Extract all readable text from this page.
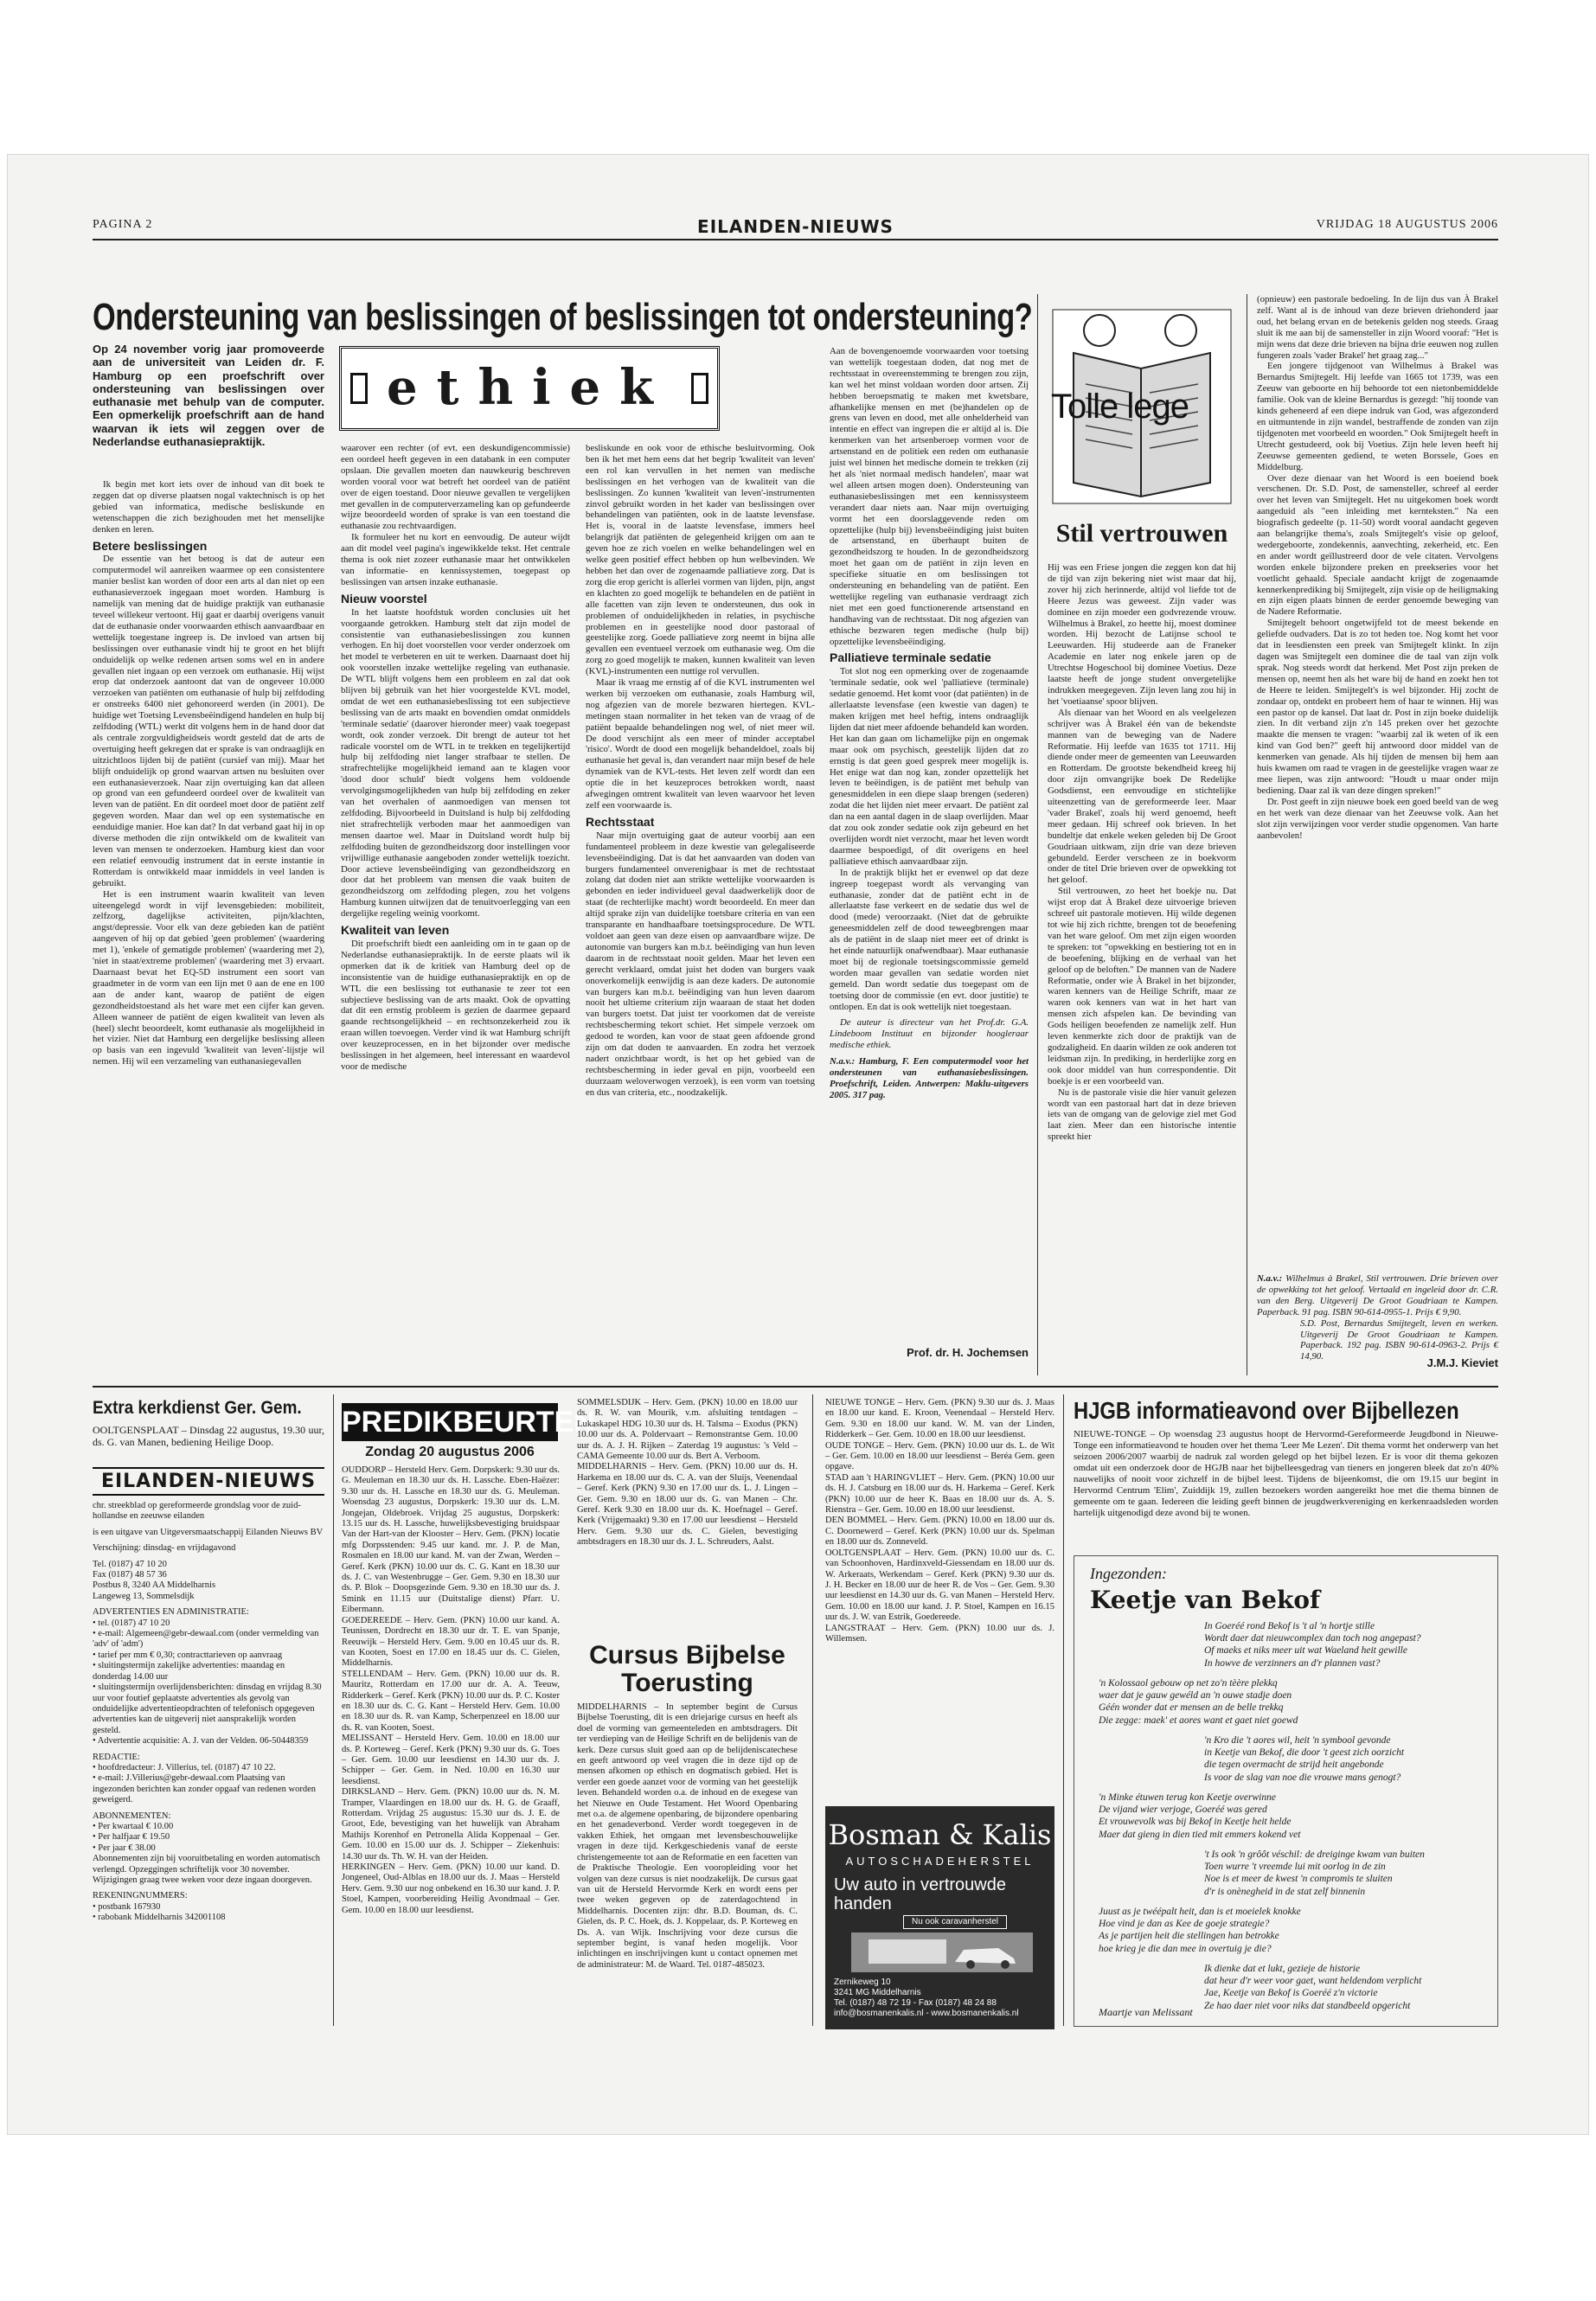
PAGINA 2	EILANDEN-NIEUWS	VRIJDAG 18 AUGUSTUS 2006
Ondersteuning van beslissingen of beslissingen tot ondersteuning?
Op 24 november vorig jaar promoveerde aan de universiteit van Leiden dr. F. Hamburg op een proefschrift over ondersteuning van beslissingen over euthanasie met behulp van de computer. Een opmerkelijk proefschrift aan de hand waarvan ik iets wil zeggen over de Nederlandse euthanasiepraktijk.
ethiek

Ik begin met kort iets over de inhoud van dit boek te zeggen dat op diverse plaatsen nogal vaktechnisch is op het gebied van informatica, medische besliskunde en wetenschappen die zich bezighouden met het menselijke denken en leren.

Betere beslissingen

De essentie van het betoog is dat de auteur een computermodel wil aanreiken waarmee op een consistentere manier beslist kan worden of door een arts al dan niet op een euthanasieverzoek ingegaan moet worden. Hamburg is namelijk van mening dat de huidige praktijk van euthanasie teveel willekeur vertoont. Hij gaat er daarbij overigens vanuit dat de euthanasie onder voorwaarden ethisch aanvaardbaar en wettelijk toegestane ingreep is. De invloed van artsen bij beslissingen over euthanasie vindt hij te groot en het blijft onduidelijk op welke redenen artsen soms wel en in andere gevallen niet ingaan op een verzoek om euthanasie. Hij wijst erop dat onderzoek aantoont dat van de ongeveer 10.000 verzoeken van patiënten om euthanasie of hulp bij zelfdoding er onstreeks 6400 niet gehonoreerd werden (in 2001). De huidige wet Toetsing Levensbeëindigend handelen en hulp bij zelfdoding (WTL) werkt dit volgens hem in de hand door dat als centrale zorgvuldigheidseis wordt gesteld dat de arts de overtuiging heeft gekregen dat er sprake is van ondraaglijk en uitzichtloos lijden bij de patiënt (cursief van mij). Maar het blijft onduidelijk op grond waarvan artsen nu besluiten over een euthanasieverzoek. Naar zijn overtuiging kan dat alleen op grond van een gefundeerd oordeel over de kwaliteit van leven van de patiënt. En dit oordeel moet door de patiënt zelf gegeven worden. Maar dan wel op een systematische en eenduidige manier. Hoe kan dat? In dat verband gaat hij in op diverse methoden die zijn ontwikkeld om de kwaliteit van leven van mensen te onderzoeken. Hamburg kiest dan voor een relatief eenvoudig instrument dat in eerste instantie in Rotterdam is ontwikkeld maar inmiddels in veel landen is gebruikt.

Het is een instrument waarin kwaliteit van leven uiteengelegd wordt in vijf levensgebieden: mobiliteit, zelfzorg, dagelijkse activiteiten, pijn/klachten, angst/depressie. Voor elk van deze gebieden kan de patiënt aangeven of hij op dat gebied 'geen problemen' (waardering met 1), 'enkele of gematigde problemen' (waardering met 2), 'niet in staat/extreme problemen' (waardering met 3) ervaart. Daarnaast bevat het EQ-5D instrument een soort van graadmeter in de vorm van een lijn met 0 aan de ene en 100 aan de ander kant, waarop de patiënt de eigen gezondheidstoestand als het ware met een cijfer kan geven. Alleen wanneer de patiënt de eigen kwaliteit van leven als (heel) slecht beoordeelt, komt euthanasie als mogelijkheid in het vizier. Niet dat Hamburg een dergelijke beslissing alleen op basis van een ingevuld 'kwaliteit van leven'-lijstje wil nemen. Hij wil een verzameling van euthanasiegevallen

waarover een rechter (of evt. een deskundigencommissie) een oordeel heeft gegeven in een databank in een computer opslaan. Die gevallen moeten dan nauwkeurig beschreven worden vooral voor wat betreft het oordeel van de patiënt over de eigen toestand. Door nieuwe gevallen te vergelijken met gevallen in de computerverzameling kan op gefundeerde wijze beoordeeld worden of sprake is van een toestand die euthanasie zou rechtvaardigen.

Ik formuleer het nu kort en eenvoudig. De auteur wijdt aan dit model veel pagina's ingewikkelde tekst. Het centrale thema is ook niet zozeer euthanasie maar het ontwikkelen van informatie- en kennissystemen, toegepast op beslissingen van artsen inzake euthanasie.

Nieuw voorstel

In het laatste hoofdstuk worden conclusies uit het voorgaande getrokken. Hamburg stelt dat zijn model de consistentie van euthanasiebeslissingen zou kunnen verhogen. En hij doet voorstellen voor verder onderzoek om het model te verbeteren en uit te werken. Daarnaast doet hij ook voorstellen inzake wettelijke regeling van euthanasie. De WTL blijft volgens hem een probleem en zal dat ook blijven bij gebruik van het hier voorgestelde KVL model, omdat de wet een euthanasiebeslissing tot een subjectieve beslissing van de arts maakt en bovendien omdat onmiddels 'terminale sedatie' (daarover hieronder meer) vaak toegepast wordt, ook zonder verzoek. Dit brengt de auteur tot het radicale voorstel om de WTL in te trekken en tegelijkertijd hulp bij zelfdoding niet langer strafbaar te stellen. De strafrechtelijke mogelijkheid iemand aan te klagen voor 'dood door schuld' biedt volgens hem voldoende vervolgingsmogelijkheden van hulp bij zelfdoding en zeker van het overhalen of aanmoedigen van mensen tot zelfdoding. Bijvoorbeeld in Duitsland is hulp bij zelfdoding niet strafrechtelijk verboden maar het aanmoedigen van mensen daartoe wel. Maar in Duitsland wordt hulp bij zelfdoding buiten de gezondheidszorg door instellingen voor vrijwillige euthanasie aangeboden zonder wettelijk toezicht. Door actieve levensbeëindiging van gezondheidszorg en door dat het probleem van mensen die vaak buiten de gezondheidszorg om zelfdoding plegen, zou het volgens Hamburg kunnen uitwijzen dat de tenuitvoerlegging van een dergelijke regeling weinig voorkomt.

Kwaliteit van leven

Dit proefschrift biedt een aanleiding om in te gaan op de Nederlandse euthanasiepraktijk. In de eerste plaats wil ik opmerken dat ik de kritiek van Hamburg deel op de inconsistentie van de huidige euthanasiepraktijk en op de WTL die een beslissing tot euthanasie te zeer tot een subjectieve beslissing van de arts maakt. Ook de opvatting dat dit een ernstig probleem is gezien de daarmee gepaard gaande rechtsongelijkheid – en rechtsonzekerheid zou ik eraan willen toevoegen. Verder vind ik wat Hamburg schrijft over keuzeprocessen, en in het bijzonder over medische beslissingen in het algemeen, heel interessant en waardevol voor de medische

besliskunde en ook voor de ethische besluitvorming. Ook ben ik het met hem eens dat het begrip 'kwaliteit van leven' een rol kan vervullen in het nemen van medische beslissingen en het verhogen van de kwaliteit van die beslissingen. Zo kunnen 'kwaliteit van leven'-instrumenten zinvol gebruikt worden in het kader van beslissingen over behandelingen van patiënten, ook in de laatste levensfase. Het is, vooral in de laatste levensfase, immers heel belangrijk dat patiënten de gelegenheid krijgen om aan te geven hoe ze zich voelen en welke behandelingen wel en welke geen positief effect hebben op hun welbevinden. We hebben het dan over de zogenaamde palliatieve zorg. Dat is zorg die erop gericht is allerlei vormen van lijden, pijn, angst en klachten zo goed mogelijk te behandelen en de patiënt in alle facetten van zijn leven te ondersteunen, dus ook in problemen of onduidelijkheden in relaties, in psychische problemen en in geestelijke nood door pastoraal of geestelijke zorg. Goede palliatieve zorg neemt in bijna alle gevallen een eventueel verzoek om euthanasie weg. Om die zorg zo goed mogelijk te maken, kunnen kwaliteit van leven (KVL)-instrumenten een nuttige rol vervullen.

Maar ik vraag me ernstig af of die KVL instrumenten wel werken bij verzoeken om euthanasie, zoals Hamburg wil, nog afgezien van de morele bezwaren hiertegen. KVL-metingen staan normaliter in het teken van de vraag of de patiënt bepaalde behandelingen nog wel, of niet meer wil. De dood verschijnt als een meer of minder acceptabel 'risico'. Wordt de dood een mogelijk behandeldoel, zoals bij euthanasie het geval is, dan verandert naar mijn besef de hele dynamiek van de KVL-tests. Het leven zelf wordt dan een optie die in het keuzeproces betrokken wordt, naast afwegingen omtrent kwaliteit van leven waarvoor het leven zelf een voorwaarde is.

Rechtsstaat

Naar mijn overtuiging gaat de auteur voorbij aan een fundamenteel probleem in deze kwestie van gelegaliseerde levensbeëindiging. Dat is dat het aanvaarden van doden van burgers fundamenteel onverenigbaar is met de rechtsstaat zolang dat doden niet aan strikte wettelijke voorwaarden is gebonden en ieder individueel geval daadwerkelijk door de staat (de rechterlijke macht) wordt beoordeeld. En meer dan altijd sprake zijn van duidelijke toetsbare criteria en van een transparante en handhaafbare toetsingsprocedure. De WTL voldoet aan geen van deze eisen op aanvaardbare wijze. De autonomie van burgers kan m.b.t. beëindiging van hun leven daarom in de rechtsstaat nooit gelden. Maar het leven een gerecht verklaard, omdat juist het doden van burgers vaak onoverkomelijk eenwijdig is aan deze kaders. De autonomie van burgers kan m.b.t. beëindiging van hun leven daarom nooit het ultieme criterium zijn waaraan de staat het doden van burgers toetst. Dat juist ter voorkomen dat de vereiste rechtsbescherming tekort schiet. Het simpele verzoek om gedood te worden, kan voor de staat geen afdoende grond zijn om dat doden te aanvaarden. En zodra het verzoek nadert onzichtbaar wordt, is het op het gebied van de rechtsbescherming in ieder geval en pijn, voorbeeld een duurzaam weloverwogen verzoek), is een vorm van toetsing en dus van criteria, etc., noodzakelijk.

Aan de bovengenoemde voorwaarden voor toetsing van wettelijk toegestaan doden, dat nog met de rechtsstaat in overeenstemming te brengen zou zijn, kan wel het minst voldaan worden door artsen. Zij hebben beroepsmatig te maken met kwetsbare, afhankelijke mensen en met (be)handelen op de grens van leven en dood, met alle onhelderheid van intentie en effect van ingrepen die er altijd al is. Die kenmerken van het artsenberoep vormen voor de artsenstand en de politiek een reden om euthanasie juist wel binnen het medische domein te trekken (zij het als 'niet normaal medisch handelen', maar wat wel alleen artsen mogen doen). Ondersteuning van euthanasiebeslissingen met een kennissysteem verandert daar niets aan. Naar mijn overtuiging vormt het een doorslaggevende reden om opzettelijke (hulp bij) levensbeëindiging juist buiten de artsenstand, en überhaupt buiten de gezondheidszorg te houden. In de gezondheidszorg moet het gaan om de patiënt in zijn leven en specifieke situatie en om beslissingen tot ondersteuning en behandeling van de patiënt. Een wettelijke regeling van euthanasie verdraagt zich niet met een goed functionerende artsenstand en handhaving van de rechtsstaat. Dit nog afgezien van ethische bezwaren tegen medische (hulp bij) opzettelijke levensbeëindiging.

Palliatieve terminale sedatie

Tot slot nog een opmerking over de zogenaamde 'terminale sedatie, ook wel 'palliatieve (terminale) sedatie genoemd. Het komt voor (dat patiënten) in de allerlaatste levensfase (een kwestie van dagen) te maken krijgen met heel heftig, intens ondraaglijk lijden dat niet meer afdoende behandeld kan worden. Het kan dan gaan om lichamelijke pijn en ongemak maar ook om psychisch, geestelijk lijden dat zo ernstig is dat geen goed gesprek meer mogelijk is. Het enige wat dan nog kan, zonder opzettelijk het leven te beëindigen, is de patiënt met behulp van genesmiddelen in een diepe slaap brengen (sederen) zodat die het lijden niet meer ervaart. De patiënt zal dan na een aantal dagen in de slaap overlijden. Maar dat zou ook zonder sedatie ook zijn gebeurd en het overlijden wordt niet verzocht, maar het leven wordt daarmee bespoedigd, of dit overigens en heel palliatieve ethisch aanvaardbaar zijn.

In de praktijk blijkt het er evenwel op dat deze ingreep toegepast wordt als vervanging van euthanasie, zonder dat de patiënt echt in de allerlaatste fase verkeert en de sedatie dus wel de dood (mede) veroorzaakt. (Niet dat de gebruikte geneesmiddelen zelf de dood teweegbrengen maar als de patiënt in de slaap niet meer eet of drinkt is het einde natuurlijk onafwendbaar). Maar euthanasie moet bij de regionale toetsingscommissie gemeld worden maar gevallen van sedatie worden niet gemeld. Dan wordt sedatie dus toegepast om de toetsing door de commissie (en evt. door justitie) te ontlopen. En dat is ook wettelijk niet toegestaan.

De auteur is directeur van het Prof.dr. G.A. Lindeboom Instituut en bijzonder hoogleraar medische ethiek.

N.a.v.: Hamburg, F. Een computermodel voor het ondersteunen van euthanasiebeslissingen. Proefschrift, Leiden. Antwerpen: Maklu-uitgevers 2005. 317 pag.

Prof. dr. H. Jochemsen
Tolle lege
Stil vertrouwen

Hij was een Friese jongen die zeggen kon dat hij de tijd van zijn bekering niet wist maar dat hij, zover hij zich herinnerde, altijd vol liefde tot de Heere Jezus was geweest. Zijn vader was dominee en zijn moeder een godvrezende vrouw. Wilhelmus à Brakel, zo heette hij, moest dominee worden. Hij bezocht de Latijnse school te Leeuwarden. Hij studeerde aan de Franeker Academie en later nog enkele jaren op de Utrechtse Hogeschool bij dominee Voetius. Deze laatste heeft de jonge student onvergetelijke indrukken meegegeven. Zijn leven lang zou hij in het 'voetiaanse' spoor blijven.

Als dienaar van het Woord en als veelgelezen schrijver was À Brakel één van de bekendste mannen van de beweging van de Nadere Reformatie. Hij leefde van 1635 tot 1711. Hij diende onder meer de gemeenten van Leeuwarden en Rotterdam. De grootste bekendheid kreeg hij door zijn omvangrijke boek De Redelijke Godsdienst, een eenvoudige en stichtelijke uiteenzetting van de gereformeerde leer. Maar 'vader Brakel', zoals hij werd genoemd, heeft meer gedaan. Hij schreef ook brieven. In het bundeltje dat enkele weken geleden bij De Groot Goudriaan uitkwam, zijn drie van deze brieven gebundeld. Eerder verscheen ze in boekvorm onder de titel Drie brieven over de opwekking tot het geloof.

Stil vertrouwen, zo heet het boekje nu. Dat wijst erop dat À Brakel deze uitvoerige brieven schreef uit pastorale motieven. Hij wilde degenen tot wie hij zich richtte, brengen tot de beoefening van het ware geloof. Om met zijn eigen woorden te spreken: tot "opwekking en bestiering tot en in de beoefening, blijking en de verhaal van het geloof op de beloften." De mannen van de Nadere Reformatie, onder wie À Brakel in het bijzonder, waren kenners van de Heilige Schrift, maar ze waren ook kenners van wat in het hart van mensen zich afspelen kan. De bevinding van Gods heiligen beoefenden ze namelijk zelf. Hun leven kenmerkte zich door de praktijk van de godzaligheid. En daarin wilden ze ook anderen tot leidsman zijn. In prediking, in herderlijke zorg en ook door middel van hun correspondentie. Dit boekje is er een voorbeeld van.

Nu is de pastorale visie die hier vanuit gelezen wordt van een pastoraal hart dat in deze brieven iets van de omgang van de gelovige ziel met God laat zien. Meer dan een historische intentie spreekt hier

(opnieuw) een pastorale bedoeling. In de lijn dus van À Brakel zelf. Want al is de inhoud van deze brieven driehonderd jaar oud, het belang ervan en de betekenis gelden nog steeds. Graag sluit ik me aan bij de samensteller in zijn Woord vooraf: "Het is mijn wens dat deze drie brieven na bijna drie eeuwen nog zullen fungeren zoals 'vader Brakel' het graag zag..."

Een jongere tijdgenoot van Wilhelmus à Brakel was Bernardus Smijtegelt. Hij leefde van 1665 tot 1739, was een Zeeuw van geboorte en hij behoorde tot een nietonbemiddelde familie. Ook van de kleine Bernardus is gezegd: "hij toonde van kinds geheneerd af een diepe indruk van God, was afgezonderd en uitmuntende in zijn wandel, bestraffende de zonden van zijn tijdgenoten met voorbeeld en woorden." Ook Smijtegelt heeft in Utrecht gestudeerd, ook bij Voetius. Zijn hele leven heeft hij Zeeuwse gemeenten gediend, te weten Borssele, Goes en Middelburg.

Over deze dienaar van het Woord is een boeiend boek verschenen. Dr. S.D. Post, de samensteller, schreef al eerder over het leven van Smijtegelt. Het nu uitgekomen boek wordt aangeduid als "een inleiding met kernteksten." Na een biografisch gedeelte (p. 11-50) wordt vooral aandacht gegeven aan belangrijke thema's, zoals Smijtegelt's visie op geloof, wedergeboorte, zondekennis, aanvechting, zekerheid, etc. Een en ander wordt geïllustreerd door de vele citaten. Vervolgens worden enkele bijzondere preken en preekseries voor het voetlicht gehaald. Speciale aandacht krijgt de zogenaamde kennerkenprediking bij Smijtegelt, zijn visie op de heiligmaking en zijn eigen plaats binnen de eerder genoemde beweging van de Nadere Reformatie.

Smijtegelt behoort ongetwijfeld tot de meest bekende en geliefde oudvaders. Dat is zo tot heden toe. Nog komt het voor dat in leesdiensten een preek van Smijtegelt klinkt. In zijn dagen was Smijtegelt een dominee die de taal van zijn volk sprak. Nog steeds wordt dat herkend. Met Post zijn preken de mensen op, neemt hen als het ware bij de hand en zoekt hen tot de Heere te leiden. Smijtegelt's is wel bijzonder. Hij zocht de zondaar op, ontdekt en probeert hem of haar te winnen. Hij was een pastor op de kansel. Dat laat dr. Post in zijn boeke duidelijk zien. In dit verband zijn z'n 145 preken over het gezochte maakte die mensen te vragen: "waarbij zal ik weten of ik een kind van God ben?" geeft hij antwoord door middel van de kenmerken van genade. Als hij tijden de mensen bij hem aan huis kwamen om raad te vragen in de geestelijke vragen waar ze mee liepen, was zijn antwoord: "Houdt u maar onder mijn bediening. Daar zal ik van deze dingen spreken!"

Dr. Post geeft in zijn nieuwe boek een goed beeld van de weg en het werk van deze dienaar van het Zeeuwse volk. Aan het slot zijn verwijzingen voor verder studie opgenomen. Van harte aanbevolen!

N.a.v.: Wilhelmus à Brakel, Stil vertrouwen. Drie brieven over de opwekking tot het geloof. Vertaald en ingeleid door dr. C.R. van den Berg. Uitgeverij De Groot Goudriaan te Kampen. Paperback. 91 pag. ISBN 90-614-0955-1. Prijs € 9,90.

S.D. Post, Bernardus Smijtegelt, leven en werken. Uitgeverij De Groot Goudriaan te Kampen. Paperback. 192 pag. ISBN 90-614-0963-2. Prijs € 14,90.	J.M.J. Kieviet
Extra kerkdienst Ger. Gem.
OOLTGENSPLAAT – Dinsdag 22 augustus, 19.30 uur, ds. G. van Manen, bediening Heilige Doop.
EILANDEN-NIEUWS
chr. streekblad op gereformeerde grondslag voor de zuid-hollandse en zeeuwse eilanden
is een uitgave van Uitgeversmaatschappij Eilanden Nieuws BV
Verschijning: dinsdag- en vrijdagavond
Tel. (0187) 47 10 20
Fax (0187) 48 57 36
Postbus 8, 3240 AA Middelharnis
Langeweg 13, Sommelsdijk
ADVERTENTIES EN ADMINISTRATIE:
• tel. (0187) 47 10 20
• e-mail: Algemeen@gebr-dewaal.com (onder vermelding van 'adv' of 'adm')
• tarief per mm € 0,30; contracttarieven op aanvraag
• sluitingstermijn zakelijke advertenties: maandag en donderdag 14.00 uur
• sluitingstermijn overlijdensberichten: dinsdag en vrijdag 8.30 uur voor foutief geplaatste advertenties als gevolg van onduidelijke advertentieopdrachten of telefonisch opgegeven advertenties kan de uitgeverij niet aansprakelijk worden gesteld.
• Advertentie acquisitie: A. J. van der Velden. 06-50448359
REDACTIE:
• hoofdredacteur: J. Villerius, tel. (0187) 47 10 22.
• e-mail: J.Villerius@gebr-dewaal.com Plaatsing van ingezonden berichten kan zonder opgaaf van redenen worden geweigerd.
ABONNEMENTEN:
• Per kwartaal € 10.00
• Per halfjaar € 19.50
• Per jaar € 38.00
Abonnementen zijn bij vooruitbetaling en worden automatisch verlengd. Opzeggingen schriftelijk voor 30 november. Wijzigingen graag twee weken voor deze ingaan doorgeven.
REKENINGNUMMERS:
• postbank 167930
• rabobank Middelharnis 342001108
PREDIKBEURTEN
Zondag 20 augustus 2006
OUDDORP – Hersteld Herv. Gem. Dorpskerk: 9.30 uur ds. G. Meuleman en 18.30 uur ds. H. Lassche. Eben-Haëzer: 9.30 uur ds. H. Lassche en 18.30 uur ds. G. Meuleman. Woensdag 23 augustus, Dorpskerk: 19.30 uur ds. L.M. Jongejan, Oldebroek. Vrijdag 25 augustus, Dorpskerk: 13.15 uur ds. H. Lassche, huwelijksbevestiging bruidspaar Van der Hart-van der Klooster – Herv. Gem. (PKN) locatie mfg Dorpsstenden: 9.45 uur kand. mr. J. P. de Man, Rosmalen en 18.00 uur kand. M. van der Zwan, Werden – Geref. Kerk (PKN) 10.00 uur ds. C. G. Kant en 18.30 uur ds. J. C. van Westenbrugge – Ger. Gem. 9.30 en 18.30 uur ds. P. Blok – Doopsgezinde Gem. 9.30 en 18.30 uur ds. J. Smink en 11.15 uur (Duitstalige dienst) Pfarr. U. Eibermann.
GOEDEREEDE – Herv. Gem. (PKN) 10.00 uur kand. A. Teunissen, Dordrecht en 18.30 uur dr. T. E. van Spanje, Reeuwijk – Hersteld Herv. Gem. 9.00 en 10.45 uur ds. R. van Kooten, Soest en 17.00 en 18.45 uur ds. C. Gielen, Middelharnis.
STELLENDAM – Herv. Gem. (PKN) 10.00 uur ds. R. Mauritz, Rotterdam en 17.00 uur dr. A. A. Teeuw, Ridderkerk – Geref. Kerk (PKN) 10.00 uur ds. P. C. Koster en 18.30 uur ds. C. G. Kant – Hersteld Herv. Gem. 10.00 en 18.30 uur ds. R. van Kamp, Scherpenzeel en 18.00 uur ds. R. van Kooten, Soest.
MELISSANT – Hersteld Herv. Gem. 10.00 en 18.00 uur ds. P. Korteweg – Geref. Kerk (PKN) 9.30 uur ds. G. Toes – Ger. Gem. 10.00 uur leesdienst en 14.30 uur ds. J. Schipper – Ger. Gem. in Ned. 10.00 en 16.30 uur leesdienst.
DIRKSLAND – Herv. Gem. (PKN) 10.00 uur ds. N. M. Tramper, Vlaardingen en 18.00 uur ds. H. G. de Graaff, Rotterdam. Vrijdag 25 augustus: 15.30 uur ds. J. E. de Groot, Ede, bevestiging van het huwelijk van Abraham Mathijs Korenhof en Petronella Alida Koppenaal – Ger. Gem. 10.00 en 15.00 uur ds. J. Schipper – Ziekenhuis: 14.30 uur ds. Th. W. H. van der Heiden.
HERKINGEN – Herv. Gem. (PKN) 10.00 uur kand. D. Jongeneel, Oud-Alblas en 18.00 uur ds. J. Maas – Hersteld Herv. Gem. 9.30 uur nog onbekend en 16.30 uur kand. J. P. Stoel, Kampen, voorbereiding Heilig Avondmaal – Ger. Gem. 10.00 en 18.00 uur leesdienst.
SOMMELSDIJK – Herv. Gem. (PKN) 10.00 en 18.00 uur ds. R. W. van Mourik, v.m. afsluiting tentdagen – Lukaskapel HDG 10.30 uur ds. H. Talsma – Exodus (PKN) 10.00 uur ds. A. Poldervaart – Remonstrantse Gem. 10.00 uur ds. A. J. H. Rijken – Zaterdag 19 augustus: 's Veld – CAMA Gemeente 10.00 uur ds. Bert A. Verboom.
MIDDELHARNIS – Herv. Gem. (PKN) 10.00 uur ds. H. Harkema en 18.00 uur ds. C. A. van der Sluijs, Veenendaal – Geref. Kerk (PKN) 9.30 en 17.00 uur ds. L. J. Lingen – Ger. Gem. 9.30 en 18.00 uur ds. G. van Manen – Chr. Geref. Kerk 9.30 en 18.00 uur ds. K. Hoefnagel – Geref. Kerk (Vrijgemaakt) 9.30 en 17.00 uur leesdienst – Hersteld Herv. Gem. 9.30 uur ds. C. Gielen, bevestiging ambtsdragers en 18.30 uur ds. J. L. Schreuders, Aalst.
Cursus Bijbelse Toerusting
MIDDELHARNIS – In september begint de Cursus Bijbelse Toerusting, dit is een driejarige cursus en heeft als doel de vorming van gemeenteleden en ambtsdragers. Dit ter verdieping van de Heilige Schrift en de belijdenis van de kerk. Deze cursus sluit goed aan op de belijdeniscatechese en geeft antwoord op veel vragen die in deze tijd op de mensen afkomen op ethisch en dogmatisch gebied. Het is verder een goede aanzet voor de vorming van het geestelijk leven. Behandeld worden o.a. de inhoud en de exegese van het Nieuwe en Oude Testament. Het Woord Openbaring met o.a. de algemene openbaring, de bijzondere openbaring en het genadeverbond. Verder wordt toegegeven in de vakken Ethiek, het omgaan met levensbeschouwelijke vragen in deze tijd. Kerkgeschiedenis vanaf de eerste christengemeente tot aan de Reformatie en een facetten van de Praktische Theologie. Een vooropleiding voor het volgen van deze cursus is niet noodzakelijk. De cursus gaat van uit de Hersteld Hervormde Kerk en wordt eens per twee weken gegeven op de zaterdagochtend in Middelharnis. Docenten zijn: dhr. B.D. Bouman, ds. C. Gielen, ds. P. C. Hoek, ds. J. Koppelaar, ds. P. Korteweg en Ds. A. van Wijk. Inschrijving voor deze cursus die september begint, is vanaf heden mogelijk. Voor inlichtingen en inschrijvingen kunt u contact opnemen met de administrateur: M. de Waard. Tel. 0187-485023.
NIEUWE TONGE – Herv. Gem. (PKN) 9.30 uur ds. J. Maas en 18.00 uur kand. E. Kroon, Veenendaal – Hersteld Herv. Gem. 9.30 en 18.00 uur kand. W. M. van der Linden, Ridderkerk – Ger. Gem. 10.00 en 18.00 uur leesdienst.
OUDE TONGE – Herv. Gem. (PKN) 10.00 uur ds. L. de Wit – Ger. Gem. 10.00 en 18.00 uur leesdienst – Beréa Gem. geen opgave.
STAD aan 't HARINGVLIET – Herv. Gem. (PKN) 10.00 uur ds. H. J. Catsburg en 18.00 uur ds. H. Harkema – Geref. Kerk (PKN) 10.00 uur de heer K. Baas en 18.00 uur ds. A. S. Rienstra – Ger. Gem. 10.00 en 18.00 uur leesdienst.
DEN BOMMEL – Herv. Gem. (PKN) 10.00 en 18.00 uur ds. C. Doornewerd – Geref. Kerk (PKN) 10.00 uur ds. Spelman en 18.00 uur ds. Zonneveld.
OOLTGENSPLAAT – Herv. Gem. (PKN) 10.00 uur ds. C. van Schoonhoven, Hardinxveld-Giessendam en 18.00 uur ds. W. Arkeraats, Werkendam – Geref. Kerk (PKN) 9.30 uur ds. J. H. Becker en 18.00 uur de heer R. de Vos – Ger. Gem. 9.30 uur leesdienst en 14.30 uur ds. G. van Manen – Hersteld Herv. Gem. 10.00 en 18.00 uur kand. J. P. Stoel, Kampen en 16.15 uur ds. J. W. van Estrik, Goedereede.
LANGSTRAAT – Herv. Gem. (PKN) 10.00 uur ds. J. Willemsen.
Bosman & Kalis
AUTOSCHADEHERSTEL
Uw auto in vertrouwde handen
Nu ook caravanherstel
Zernikeweg 10
3241 MG Middelharnis
Tel. (0187) 48 72 19 - Fax (0187) 48 24 88
info@bosmanenkalis.nl - www.bosmanenkalis.nl
HJGB informatieavond over Bijbellezen
NIEUWE-TONGE – Op woensdag 23 augustus hoopt de Hervormd-Gereformeerde Jeugdbond in Nieuwe-Tonge een informatieavond te houden over het thema 'Leer Me Lezen'. Dit thema vormt het onderwerp van het seizoen 2006/2007 waarbij de nadruk zal worden gelegd op het bijbel lezen. Er is voor dit thema gekozen omdat uit een onderzoek door de HGJB naar het bijbelleesgedrag van tieners en jongeren bleek dat zo'n 40% nauwelijks of nooit voor zichzelf in de bijbel leest. Tijdens de bijeenkomst, die om 19.15 uur begint in Hervormd Centrum 'Elim', Zuiddijk 19, zullen bezoekers worden aangereikt hoe met die thema binnen de gemeente om te gaan. Iedereen die leiding geeft binnen de jeugdwerkvereniging en kerkenraadsleden worden hartelijk uitgenodigd deze avond bij te wonen.
Ingezonden:
Keetje van Bekof
In Goeréé rond Bekof is 't al 'n hortje stille
Wordt daer dat nieuwcomplex dan toch nog angepast?
Of maeks et niks meer uit wat Waeland heit gewille
In howve de verzinners an d'r plannen vast?
'n Kolossaol gebouw op net zo'n tèère plekkq
waer dat je gauw gewéld an 'n ouwe stadje doen
Géén wonder dat er mensen an de belle trekkq
Die zegge: maek' et aores want et gaet niet goewd
'n Kro die 't aores wil, heit 'n symbool gevonde
in Keetje van Bekof, die door 't geest zich oorzicht
die tegen overmacht de strijd heit angebonde
Is voor de slag van noe die vrouwe mans genogt?
'n Minke étuwen terug kon Keetje overwinne
De vijand wier verjoge, Goeréé was gered
Et vrouwevolk was bij Bekof in Keetje heit helde
Maer dat gieng in dien tied mit emmers kokend vet
't Is ook 'n grôôt véschil: de dreiginge kwam van buiten
Toen wurre 't vreemde lui mit oorlog in de zin
Noe is et meer de kwest 'n compromis te sluiten
d'r is onènegheid in de stat zelf binnenin
Juust as je twéépalt heit, dan is et moeielek knokke
Hoe vind je dan as Kee de goeje strategie?
As je partijen heit die stellingen han betrokke
hoe krieg je die dan mee in overtuig je die?
Ik dienke dat et lukt, gezieje de historie
dat heur d'r weer voor gaet, want heldendom verplicht
Jae, Keetje van Bekof is Goeréé z'n victorie
Ze hao daer niet voor niks dat standbeeld opgericht
Maartje van Melissant
